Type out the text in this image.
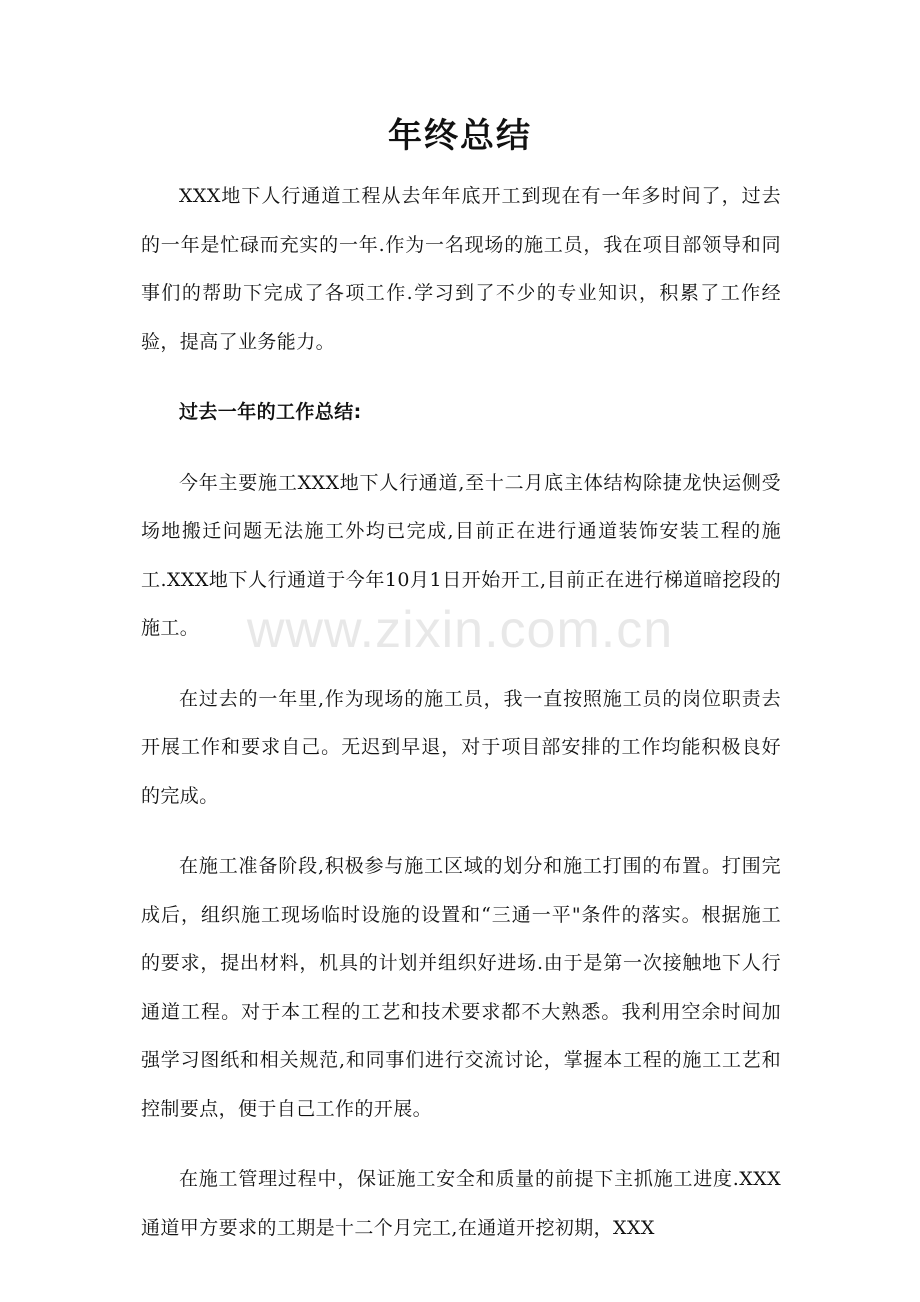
年终总结

XXX地下人行通道工程从去年年底开工到现在有一年多时间了，过去的一年是忙碌而充实的一年.作为一名现场的施工员，我在项目部领导和同事们的帮助下完成了各项工作.学习到了不少的专业知识，积累了工作经验，提高了业务能力。

过去一年的工作总结:

今年主要施工XXX地下人行通道,至十二月底主体结构除捷龙快运侧受场地搬迁问题无法施工外均已完成,目前正在进行通道装饰安装工程的施工.XXX地下人行通道于今年10月1日开始开工,目前正在进行梯道暗挖段的施工。

在过去的一年里,作为现场的施工员，我一直按照施工员的岗位职责去开展工作和要求自己。无迟到早退，对于项目部安排的工作均能积极良好的完成。

在施工准备阶段,积极参与施工区域的划分和施工打围的布置。打围完成后，组织施工现场临时设施的设置和“三通一平"条件的落实。根据施工的要求，提出材料，机具的计划并组织好进场.由于是第一次接触地下人行通道工程。对于本工程的工艺和技术要求都不大熟悉。我利用空余时间加强学习图纸和相关规范,和同事们进行交流讨论，掌握本工程的施工工艺和控制要点，便于自己工作的开展。

在施工管理过程中，保证施工安全和质量的前提下主抓施工进度.XXX通道甲方要求的工期是十二个月完工,在通道开挖初期，XXX

www.zixin.com.cn
